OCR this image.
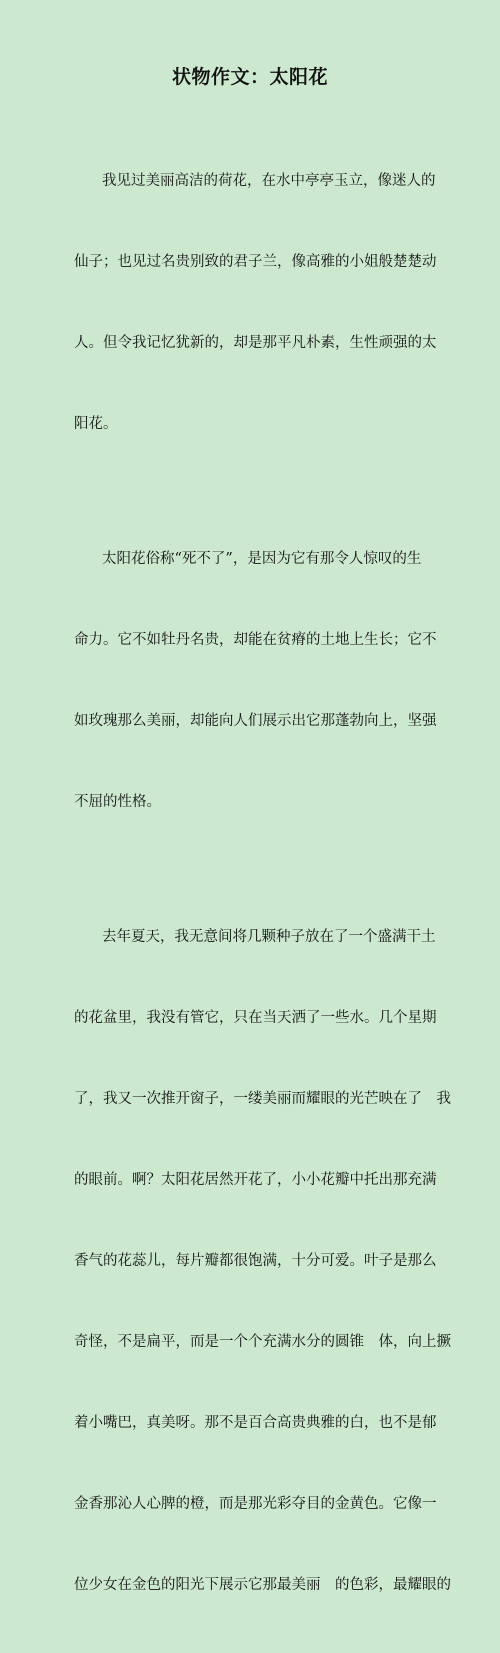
状物作文：太阳花

我见过美丽高洁的荷花，在水中亭亭玉立，像迷人的

仙子；也见过名贵别致的君子兰，像高雅的小姐般楚楚动

人。但令我记忆犹新的，却是那平凡朴素，生性顽强的太

阳花。

太阳花俗称“死不了”，是因为它有那令人惊叹的生

命力。它不如牡丹名贵，却能在贫瘠的土地上生长；它不

如玫瑰那么美丽，却能向人们展示出它那蓬勃向上，坚强

不屈的性格。

去年夏天，我无意间将几颗种子放在了一个盛满干土

的花盆里，我没有管它，只在当天洒了一些水。几个星期

了，我又一次推开窗子，一缕美丽而耀眼的光芒映在了　我

的眼前。啊？太阳花居然开花了，小小花瓣中托出那充满

香气的花蕊儿，每片瓣都很饱满，十分可爱。叶子是那么

奇怪，不是扁平，而是一个个充满水分的圆锥　体，向上撅

着小嘴巴，真美呀。那不是百合高贵典雅的白，也不是郁

金香那沁人心脾的橙，而是那光彩夺目的金黄色。它像一

位少女在金色的阳光下展示它那最美丽　的色彩，最耀眼的
